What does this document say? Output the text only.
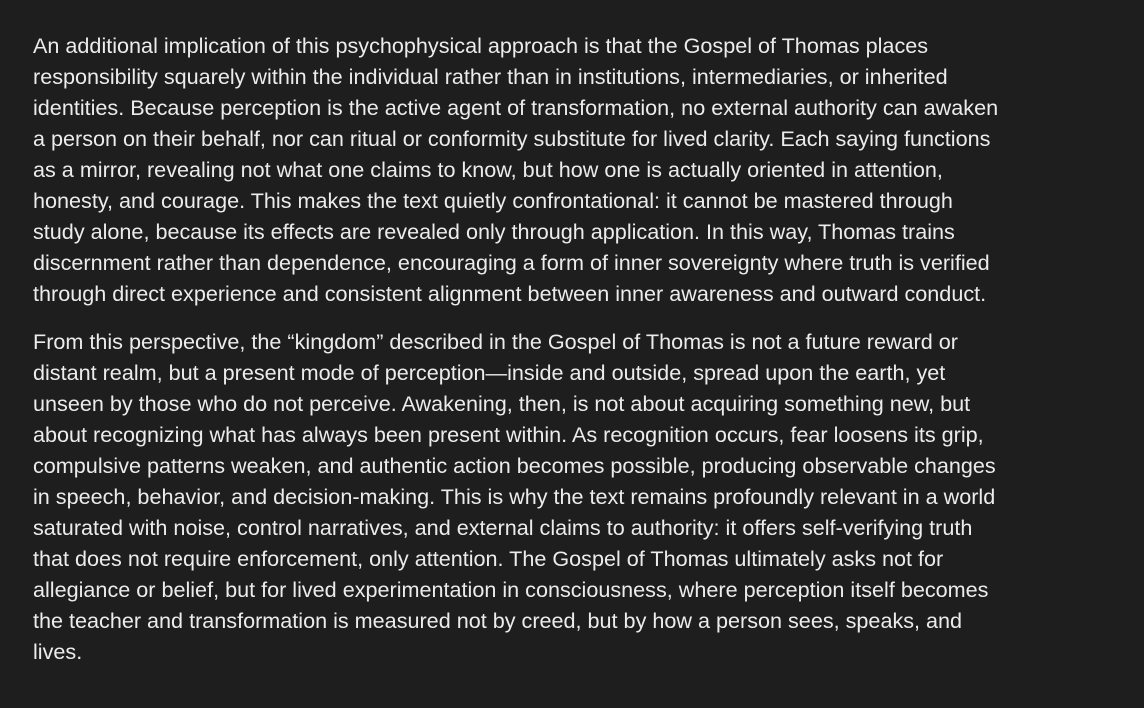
An additional implication of this psychophysical approach is that the Gospel of Thomas places
responsibility squarely within the individual rather than in institutions, intermediaries, or inherited
identities. Because perception is the active agent of transformation, no external authority can awaken
a person on their behalf, nor can ritual or conformity substitute for lived clarity. Each saying functions
as a mirror, revealing not what one claims to know, but how one is actually oriented in attention,
honesty, and courage. This makes the text quietly confrontational: it cannot be mastered through
study alone, because its effects are revealed only through application. In this way, Thomas trains
discernment rather than dependence, encouraging a form of inner sovereignty where truth is verified
through direct experience and consistent alignment between inner awareness and outward conduct.

From this perspective, the “kingdom” described in the Gospel of Thomas is not a future reward or
distant realm, but a present mode of perception—inside and outside, spread upon the earth, yet
unseen by those who do not perceive. Awakening, then, is not about acquiring something new, but
about recognizing what has always been present within. As recognition occurs, fear loosens its grip,
compulsive patterns weaken, and authentic action becomes possible, producing observable changes
in speech, behavior, and decision-making. This is why the text remains profoundly relevant in a world
saturated with noise, control narratives, and external claims to authority: it offers self-verifying truth
that does not require enforcement, only attention. The Gospel of Thomas ultimately asks not for
allegiance or belief, but for lived experimentation in consciousness, where perception itself becomes
the teacher and transformation is measured not by creed, but by how a person sees, speaks, and
lives.
